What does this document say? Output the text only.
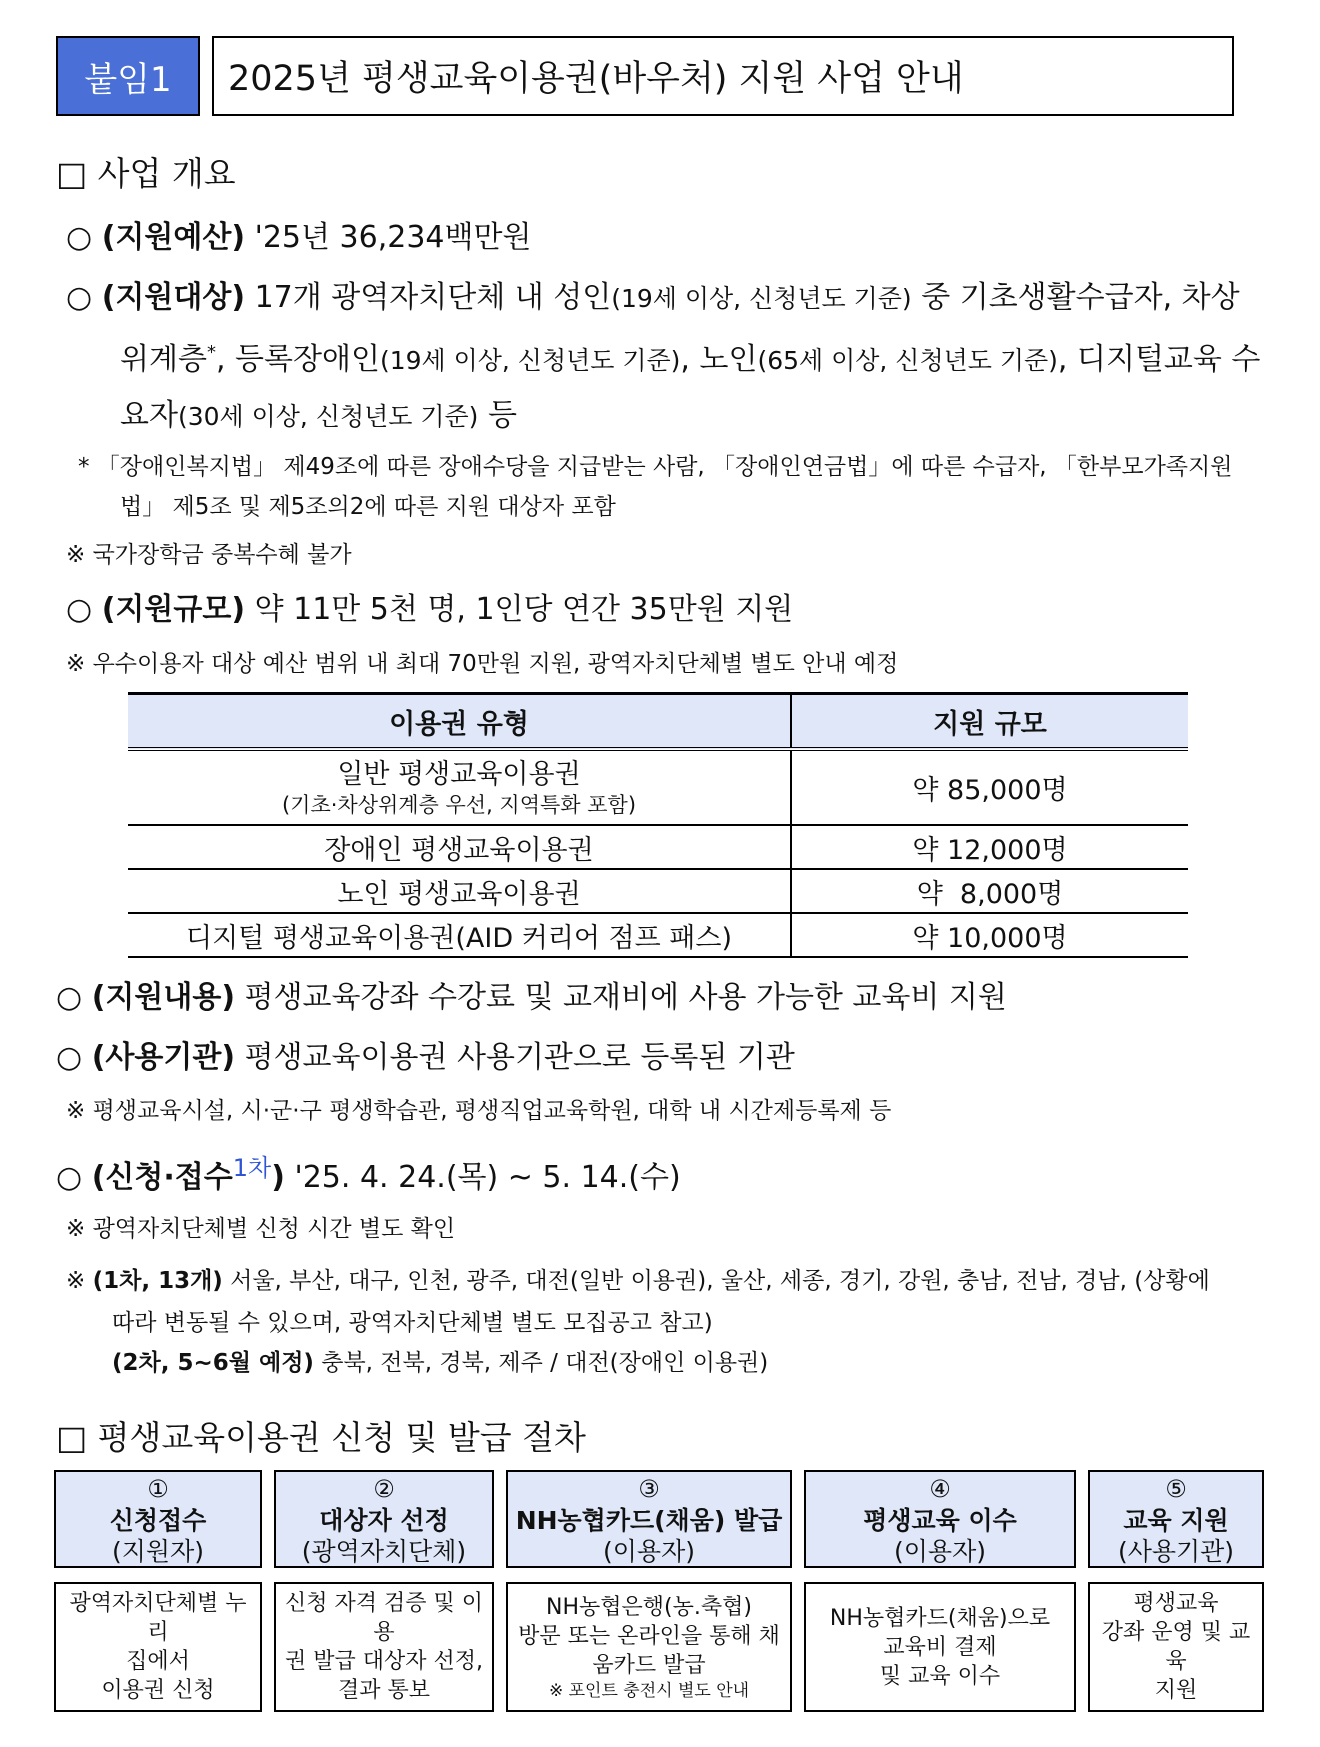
붙임1	2025년 평생교육이용권(바우처) 지원 사업 안내
□ 사업 개요
○ (지원예산) '25년 36,234백만원
○ (지원대상) 17개 광역자치단체 내 성인(19세 이상, 신청년도 기준) 중 기초생활수급자, 차상
위계층*, 등록장애인(19세 이상, 신청년도 기준), 노인(65세 이상, 신청년도 기준), 디지털교육 수
요자(30세 이상, 신청년도 기준) 등
* 「장애인복지법」 제49조에 따른 장애수당을 지급받는 사람, 「장애인연금법」에 따른 수급자, 「한부모가족지원
법」 제5조 및 제5조의2에 따른 지원 대상자 포함
※ 국가장학금 중복수혜 불가
○ (지원규모) 약 11만 5천 명, 1인당 연간 35만원 지원
※ 우수이용자 대상 예산 범위 내 최대 70만원 지원, 광역자치단체별 별도 안내 예정
이용권 유형	지원 규모

일반 평생교육이용권
(기초·차상위계층 우선, 지역특화 포함)	약 85,000명
장애인 평생교육이용권	약 12,000명
노인 평생교육이용권	약  8,000명
디지털 평생교육이용권(AID 커리어 점프 패스)	약 10,000명
○ (지원내용) 평생교육강좌 수강료 및 교재비에 사용 가능한 교육비 지원
○ (사용기관) 평생교육이용권 사용기관으로 등록된 기관
※ 평생교육시설, 시·군·구 평생학습관, 평생직업교육학원, 대학 내 시간제등록제 등
○ (신청·접수$^{1차}$) '25. 4. 24.(목) ~ 5. 14.(수)
※ 광역자치단체별 신청 시간 별도 확인
※ (1차, 13개) 서울, 부산, 대구, 인천, 광주, 대전(일반 이용권), 울산, 세종, 경기, 강원, 충남, 전남, 경남, (상황에
따라 변동될 수 있으며, 광역자치단체별 별도 모집공고 참고)
(2차, 5~6월 예정) 충북, 전북, 경북, 제주 / 대전(장애인 이용권)
□ 평생교육이용권 신청 및 발급 절차
①
신청접수
(지원자)
②
대상자 선정
(광역자치단체)
③
NH농협카드(채움) 발급
(이용자)
④
평생교육 이수
(이용자)
⑤
교육 지원
(사용기관)
광역자치단체별 누리
집에서
이용권 신청
신청 자격 검증 및 이용
권 발급 대상자 선정,
결과 통보
NH농협은행(농.축협)
방문 또는 온라인을 통해 채
움카드 발급
※ 포인트 충전시 별도 안내
NH농협카드(채움)으로
교육비 결제
및 교육 이수
평생교육
강좌 운영 및 교육
지원
